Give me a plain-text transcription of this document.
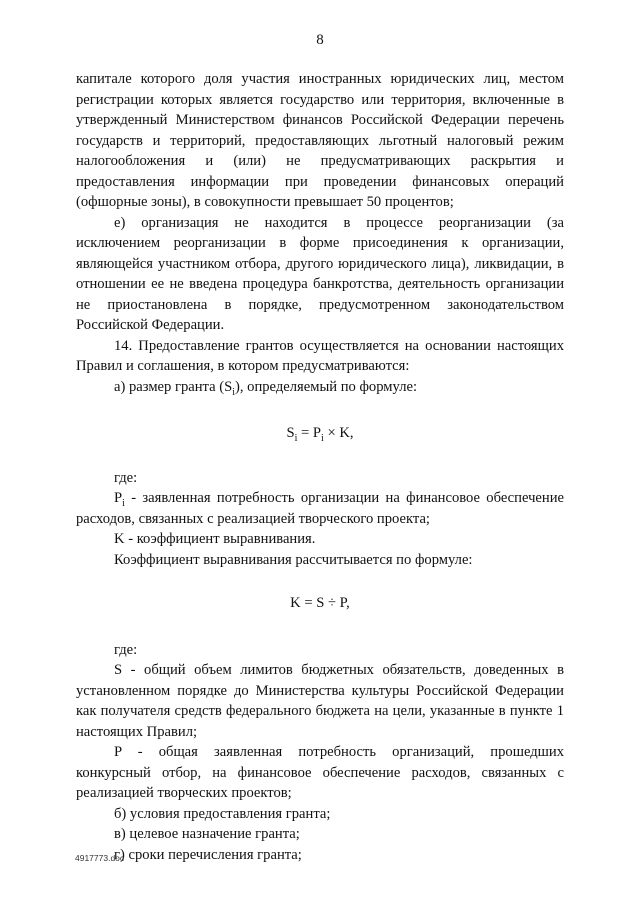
8

капитале которого доля участия иностранных юридических лиц, местом регистрации которых является государство или территория, включенные в утвержденный Министерством финансов Российской Федерации перечень государств и территорий, предоставляющих льготный налоговый режим налогообложения и (или) не предусматривающих раскрытия и предоставления информации при проведении финансовых операций (офшорные зоны), в совокупности превышает 50 процентов;

е) организация не находится в процессе реорганизации (за исключением реорганизации в форме присоединения к организации, являющейся участником отбора, другого юридического лица), ликвидации, в отношении ее не введена процедура банкротства, деятельность организации не приостановлена в порядке, предусмотренном законодательством Российской Федерации.

14. Предоставление грантов осуществляется на основании настоящих Правил и соглашения, в котором предусматриваются:

а) размер гранта $(S_i)$, определяемый по формуле:

$S_i = P_i \times K$,

где:

$P_i$ - заявленная потребность организации на финансовое обеспечение расходов, связанных с реализацией творческого проекта;

K - коэффициент выравнивания.

Коэффициент выравнивания рассчитывается по формуле:

K = S ÷ P,

где:

S - общий объем лимитов бюджетных обязательств, доведенных в установленном порядке до Министерства культуры Российской Федерации как получателя средств федерального бюджета на цели, указанные в пункте 1 настоящих Правил;

P - общая заявленная потребность организаций, прошедших конкурсный отбор, на финансовое обеспечение расходов, связанных с реализацией творческих проектов;

б) условия предоставления гранта;

в) целевое назначение гранта;

г) сроки перечисления гранта;

4917773.doc
